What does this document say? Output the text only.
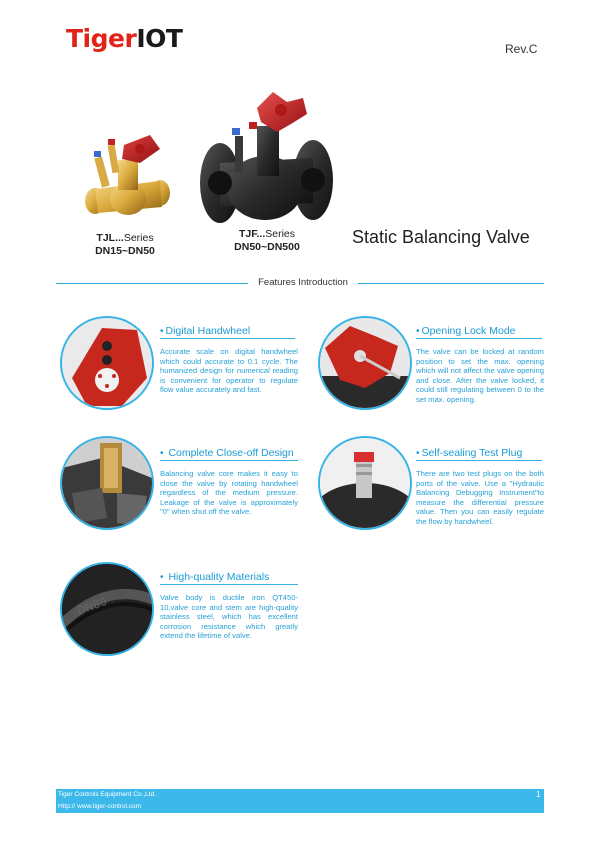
TigerIOT	Rev.C
TJL...Series
DN15~DN50
TJF...Series
DN50~DN500	Static Balancing Valve
Features Introduction
• Digital Handwheel
Accurate scale on digital handwheel which could accurate to 0.1 cycle. The humanized design for numerical reading is convenient for operator to regulate flow value accurately and fast.
• Opening Lock Mode
The valve can be locked at random position to set the max. opening which will not affect the valve opening and close. After the valve locked, it could still regulating between 0 to the set max. opening.
• Complete Close-off Design
Balancing valve core makes it easy to close the valve by rotating handwheel regardless of the medium pressure. Leakage of the valve is approximately "0" when shut off the valve.
• Self-sealing Test Plug
There are two test plugs on the both ports of the valve. Use a "Hydraulic Balancing Debugging Instrument"to measure the differential pressure value. Then you can easily regulate the flow by handwheel.
DN80
• High-quality Materials
Valve body is ductile iron QT450-10,valve core and stem are high-quality stainless steel, which has excellent corrosion resistance which greatly extend the lifetime of valve.
Tiger Controls Equipment Co.,Ltd.
Http:// www.tiger-control.com
1
